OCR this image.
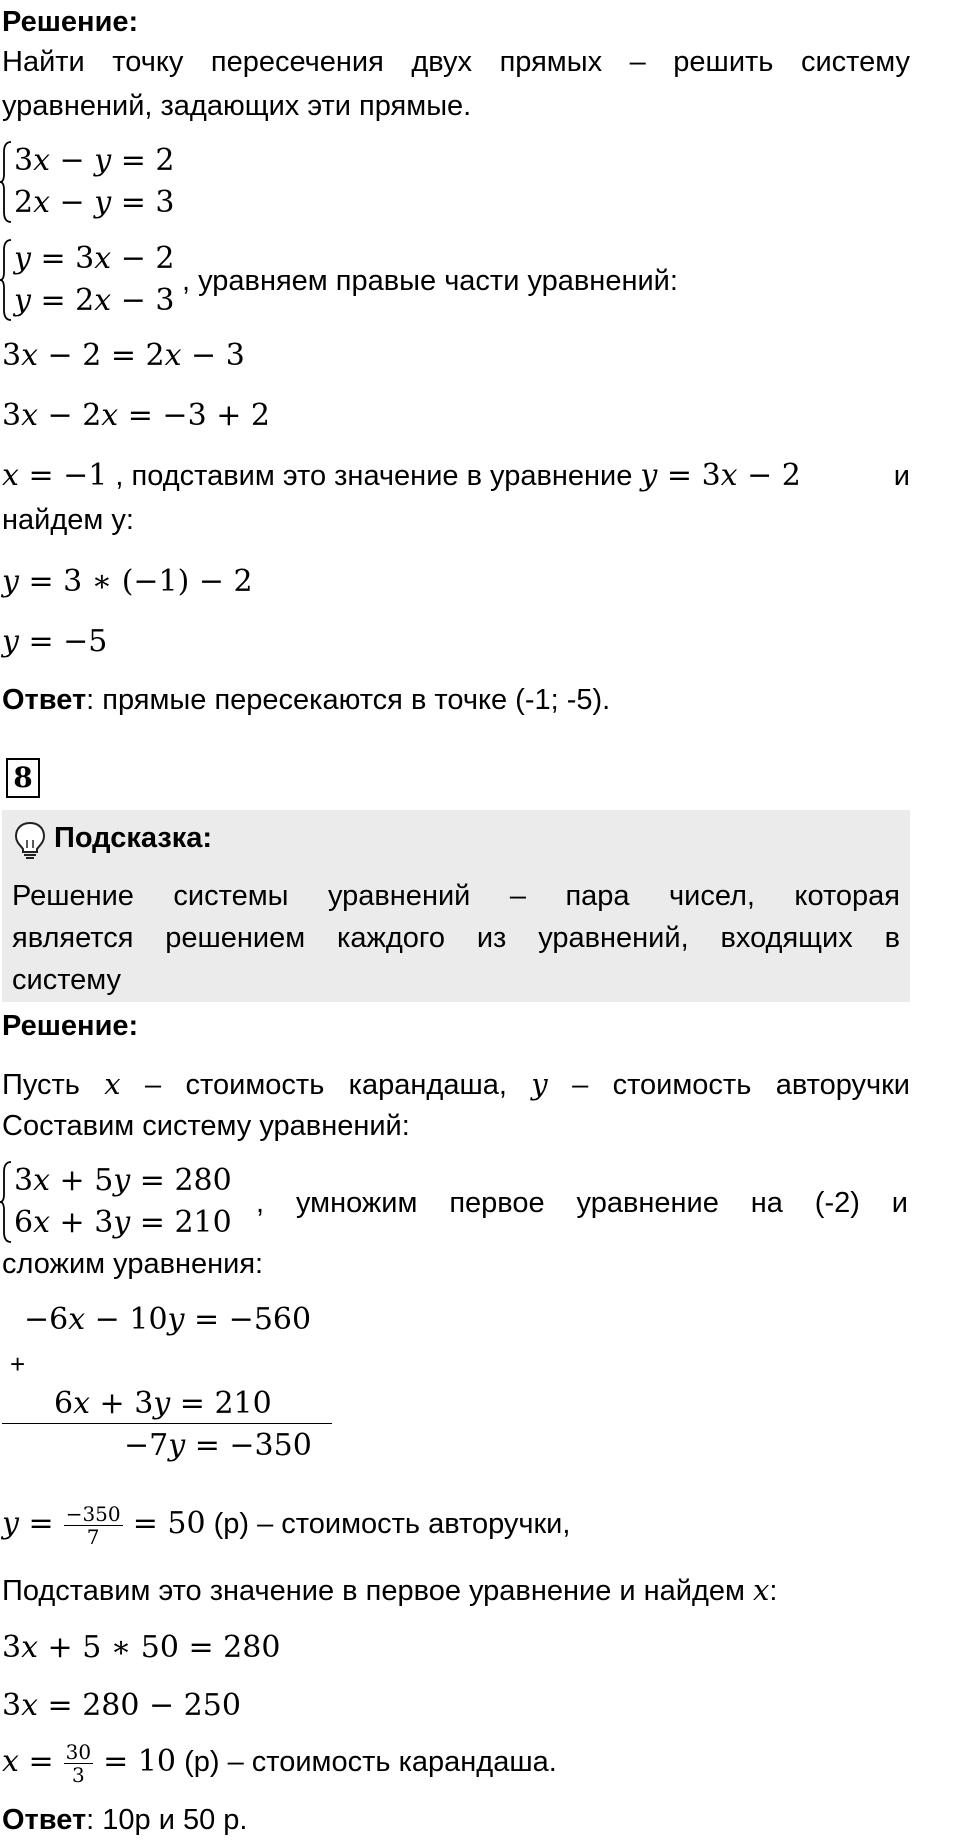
Решение:
Найти точку пересечения двух прямых – решить систему
уравнений, задающих эти прямые.
3𝑥 − 𝑦 = 2
2𝑥 − 𝑦 = 3
𝑦 = 3𝑥 − 2
𝑦 = 2𝑥 − 3
, уравняем правые части уравнений:
3𝑥 − 2 = 2𝑥 − 3
3𝑥 − 2𝑥 = −3 + 2
𝑥 = −1 , подставим это значение в уравнение 𝑦 = 3𝑥 − 2	и
найдем у:
𝑦 = 3 ∗ (−1) − 2
𝑦 = −5
Ответ: прямые пересекаются в точке (-1; -5).
8
Подсказка:
Решение системы уравнений – пара чисел, которая
является решением каждого из уравнений, входящих в
систему
Решение:
Пусть 𝑥 – стоимость карандаша, 𝑦 – стоимость авторучки
Составим систему уравнений:
3𝑥 + 5𝑦 = 280
6𝑥 + 3𝑦 = 210
, умножим первое уравнение на (-2) и
сложим уравнения:
−6𝑥 − 10𝑦 = −560
+
6𝑥 + 3𝑦 = 210
−7𝑦 = −350
𝑦 = $\frac{-350}{7} = 50$ (р) – стоимость авторучки,
Подставим это значение в первое уравнение и найдем 𝑥:
3𝑥 + 5 ∗ 50 = 280
3𝑥 = 280 − 250
𝑥 = $\frac{30}{3} = 10$ (р) – стоимость карандаша.
Ответ: 10р и 50 р.
